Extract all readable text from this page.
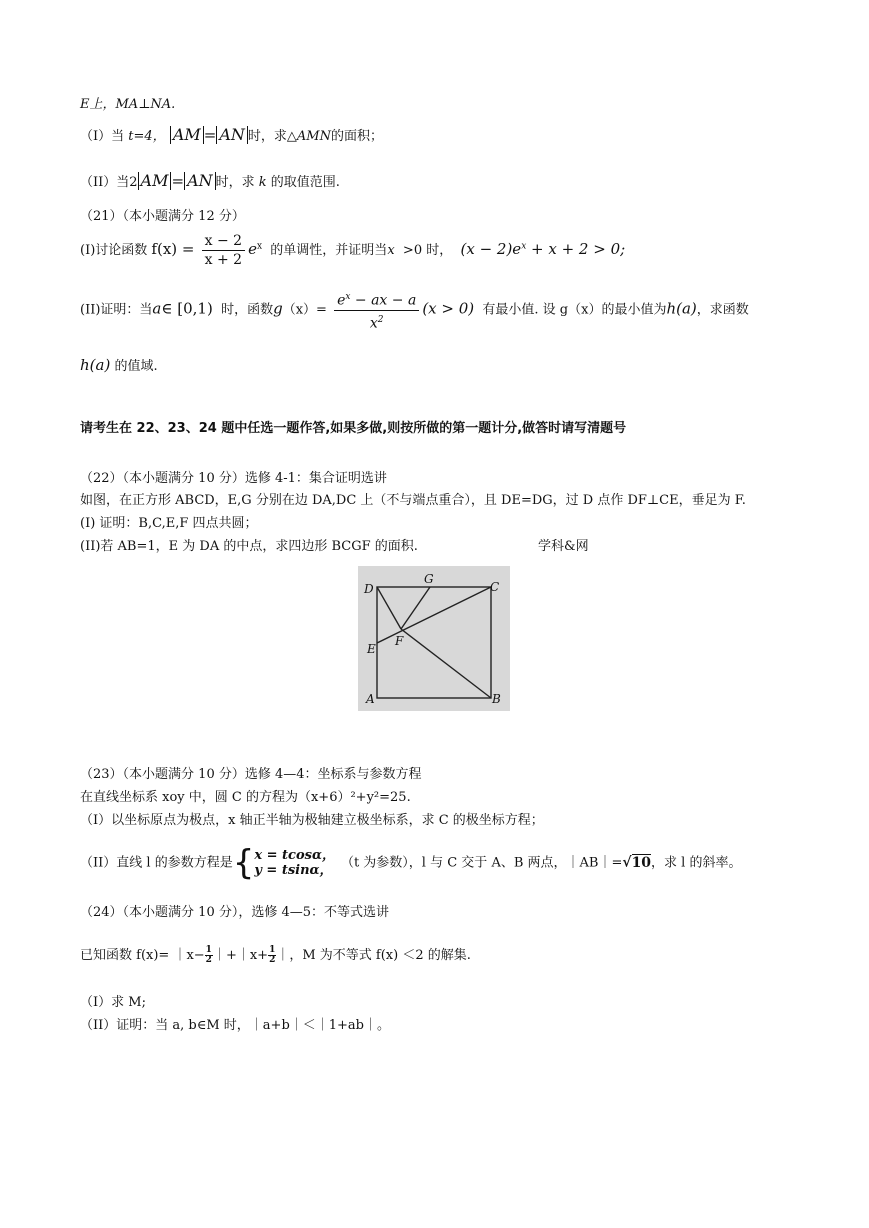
E上，MA⊥NA.
（I）当 t=4， AM = AN 时，求△AMN的面积；
（II）当2 AM = AN 时，求 k 的取值范围.
（21）（本小题满分 12 分）
(I)讨论函数 $f(x) = \frac{x - 2}{x + 2} e^x$ 的单调性，并证明当x >0 时， $(x - 2)e^x + x + 2 > 0$;
(II)证明：当a∈ [0,1) 时，函数$g(x)= \frac{e^x - ax - a}{x^2} (x > 0)$ 有最小值. 设 g（x）的最小值为h(a)，求函数
h(a) 的值域.
请考生在 22、23、24 题中任选一题作答,如果多做,则按所做的第一题计分,做答时请写清题号
（22）（本小题满分 10 分）选修 4-1：集合证明选讲
如图，在正方形 ABCD，E,G 分别在边 DA,DC 上（不与端点重合），且 DE=DG，过 D 点作 DF⊥CE，垂足为 F.
(I) 证明：B,C,E,F 四点共圆；
(II)若 AB=1，E 为 DA 的中点，求四边形 BCGF 的面积.	学科&网
D
G
C
E
F
A	B
（23）（本小题满分 10 分）选修 4—4：坐标系与参数方程
在直线坐标系 xoy 中，圆 C 的方程为（x+6）²+y²=25.
（I）以坐标原点为极点，x 轴正半轴为极轴建立极坐标系，求 C 的极坐标方程；
（II）直线 l 的参数方程是{ x = tcosα，
y = tsinα， （t 为参数），l 与 C 交于 A、B 两点，｜AB｜=√10，求 l 的斜率。
（24）（本小题满分 10 分），选修 4—5：不等式选讲
已知函数 f(x)= ｜x− $\frac{1}{2}$ ｜+｜x+ $\frac{1}{2}$ ｜，M 为不等式 f(x) ＜2 的解集.
（I）求 M;
（II）证明：当 a, b∈M 时，｜a+b｜＜｜1+ab｜。
